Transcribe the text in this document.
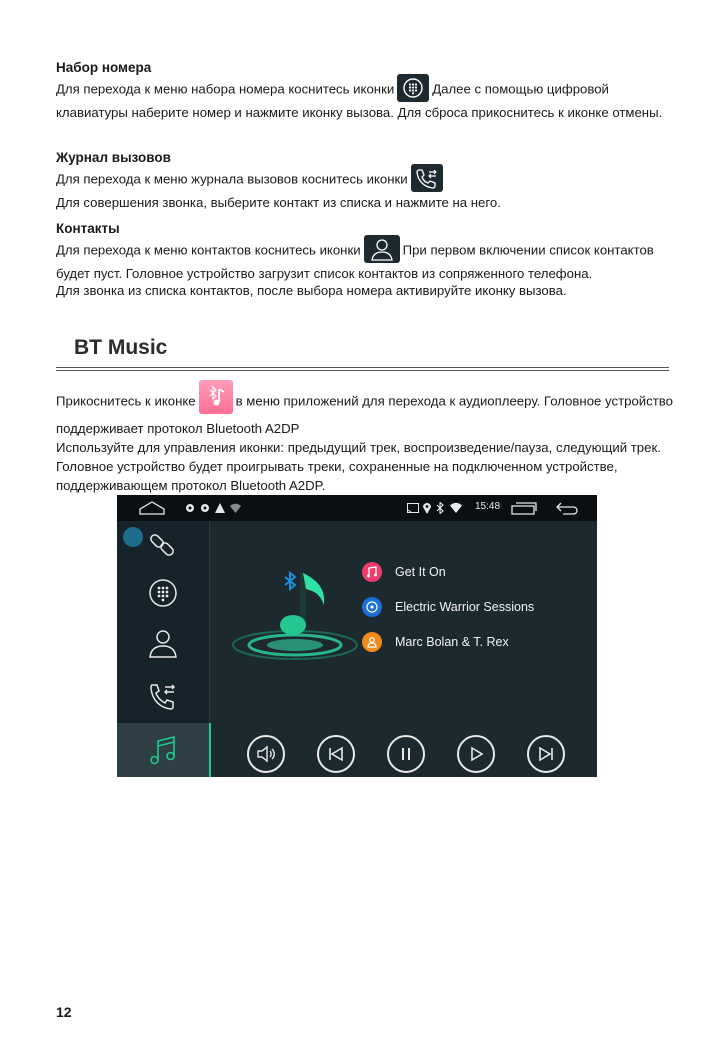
Набор номера

Для перехода к меню набора номера коснитесь иконки	Далее с помощью цифровой клавиатуры наберите номер и нажмите иконку вызова. Для сброса прикоснитесь к иконке отмены.

Журнал вызовов

Для перехода к меню журнала вызовов коснитесь иконки

Для совершения звонка, выберите контакт из списка и нажмите на него.

Контакты

Для перехода к меню контактов коснитесь иконки	При первом включении список контактов будет пуст. Головное устройство загрузит список контактов из сопряженного телефона.

Для звонка из списка контактов, после выбора номера активируйте иконку вызова.

BT Music

Прикоснитесь к иконке	в меню приложений для перехода к аудиоплееру. Головное устройство поддерживает протокол Bluetooth A2DP

Используйте для управления иконки: предыдущий трек, воспроизведение/пауза, следующий трек. Головное устройство будет проигрывать треки, сохраненные на подключенном устройстве, поддерживающем протокол Bluetooth A2DP.

15:48
Get It On
Electric Warrior Sessions
Marc Bolan & T. Rex
12
